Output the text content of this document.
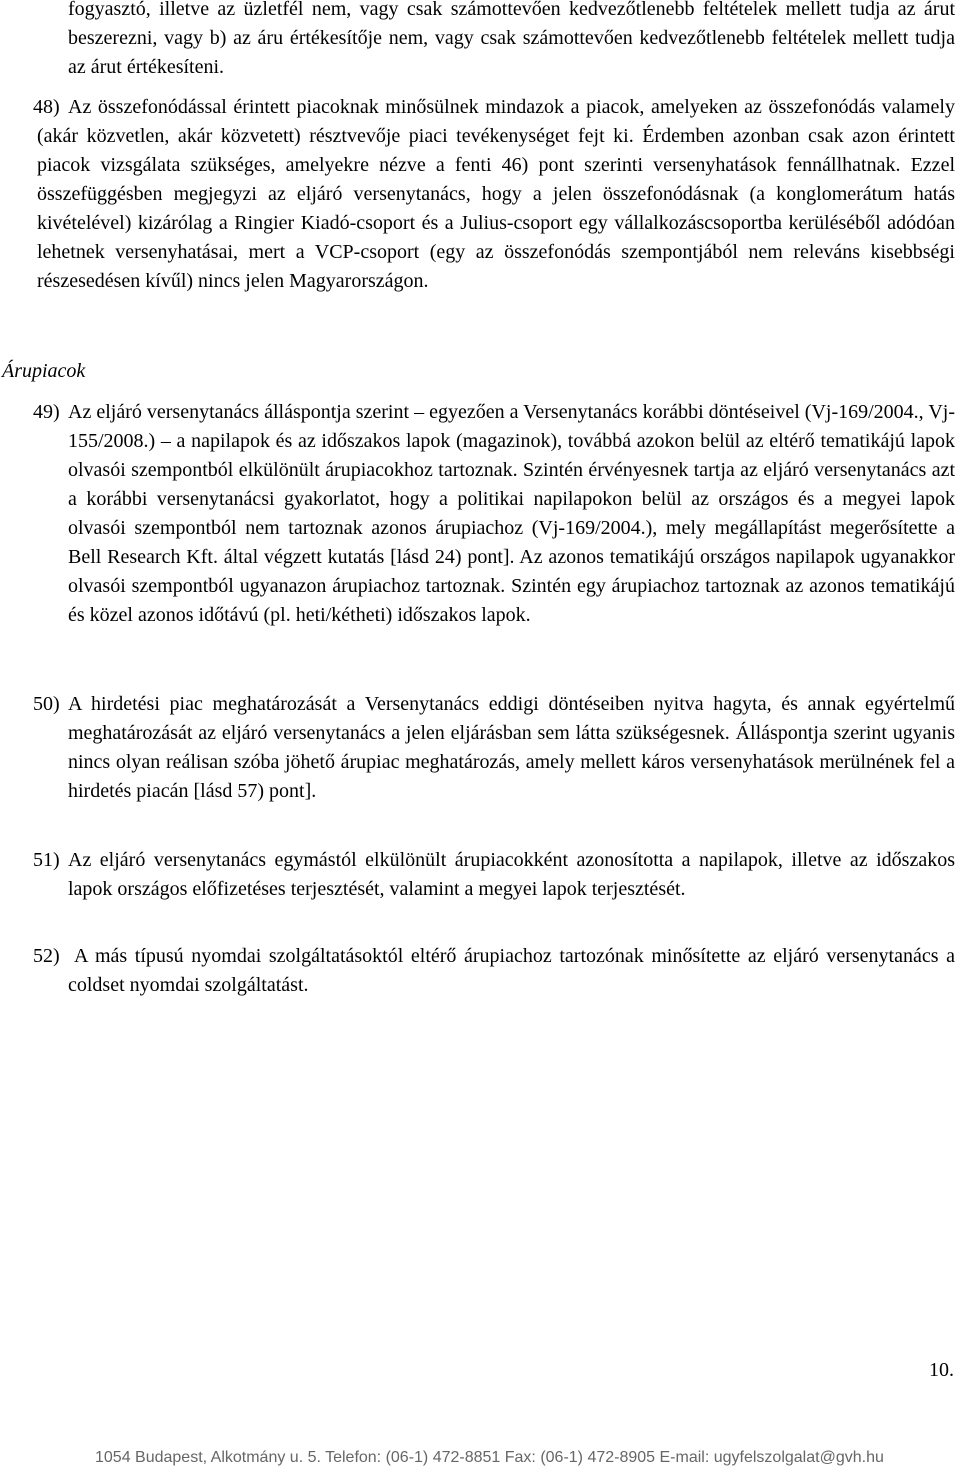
fogyasztó, illetve az üzletfél nem, vagy csak számottevően kedvezőtlenebb feltételek mellett tudja az árut beszerezni, vagy b) az áru értékesítője nem, vagy csak számottevően kedvezőtlenebb feltételek mellett tudja az árut értékesíteni.

48) Az összefonódással érintett piacoknak minősülnek mindazok a piacok, amelyeken az összefonódás valamely (akár közvetlen, akár közvetett) résztvevője piaci tevékenységet fejt ki. Érdemben azonban csak azon érintett piacok vizsgálata szükséges, amelyekre nézve a fenti 46) pont szerinti versenyhatások fennállhatnak. Ezzel összefüggésben megjegyzi az eljáró versenytanács, hogy a jelen összefonódásnak (a konglomerátum hatás kivételével) kizárólag a Ringier Kiadó-csoport és a Julius-csoport egy vállalkozáscsoportba kerüléséből adódóan lehetnek versenyhatásai, mert a VCP-csoport (egy az összefonódás szempontjából nem releváns kisebbségi részesedésen kívűl) nincs jelen Magyarországon.

Árupiacok
49) Az eljáró versenytanács álláspontja szerint – egyezően a Versenytanács korábbi döntéseivel (Vj-169/2004., Vj-155/2008.) – a napilapok és az időszakos lapok (magazinok), továbbá azokon belül az eltérő tematikájú lapok olvasói szempontból elkülönült árupiacokhoz tartoznak. Szintén érvényesnek tartja az eljáró versenytanács azt a korábbi versenytanácsi gyakorlatot, hogy a politikai napilapokon belül az országos és a megyei lapok olvasói szempontból nem tartoznak azonos árupiachoz (Vj-169/2004.), mely megállapítást megerősítette a Bell Research Kft. által végzett kutatás [lásd 24) pont]. Az azonos tematikájú országos napilapok ugyanakkor olvasói szempontból ugyanazon árupiachoz tartoznak. Szintén egy árupiachoz tartoznak az azonos tematikájú és közel azonos időtávú (pl. heti/kétheti) időszakos lapok.

50) A hirdetési piac meghatározását a Versenytanács eddigi döntéseiben nyitva hagyta, és annak egyértelmű meghatározását az eljáró versenytanács a jelen eljárásban sem látta szükségesnek. Álláspontja szerint ugyanis nincs olyan reálisan szóba jöhető árupiac meghatározás, amely mellett káros versenyhatások merülnének fel a hirdetés piacán [lásd 57) pont].

51) Az eljáró versenytanács egymástól elkülönült árupiacokként azonosította a napilapok, illetve az időszakos lapok országos előfizetéses terjesztését, valamint a megyei lapok terjesztését.

52) A más típusú nyomdai szolgáltatásoktól eltérő árupiachoz tartozónak minősítette az eljáró versenytanács a coldset nyomdai szolgáltatást.

10.
1054 Budapest, Alkotmány u. 5. Telefon: (06-1) 472-8851 Fax: (06-1) 472-8905 E-mail: ugyfelszolgalat@gvh.hu
